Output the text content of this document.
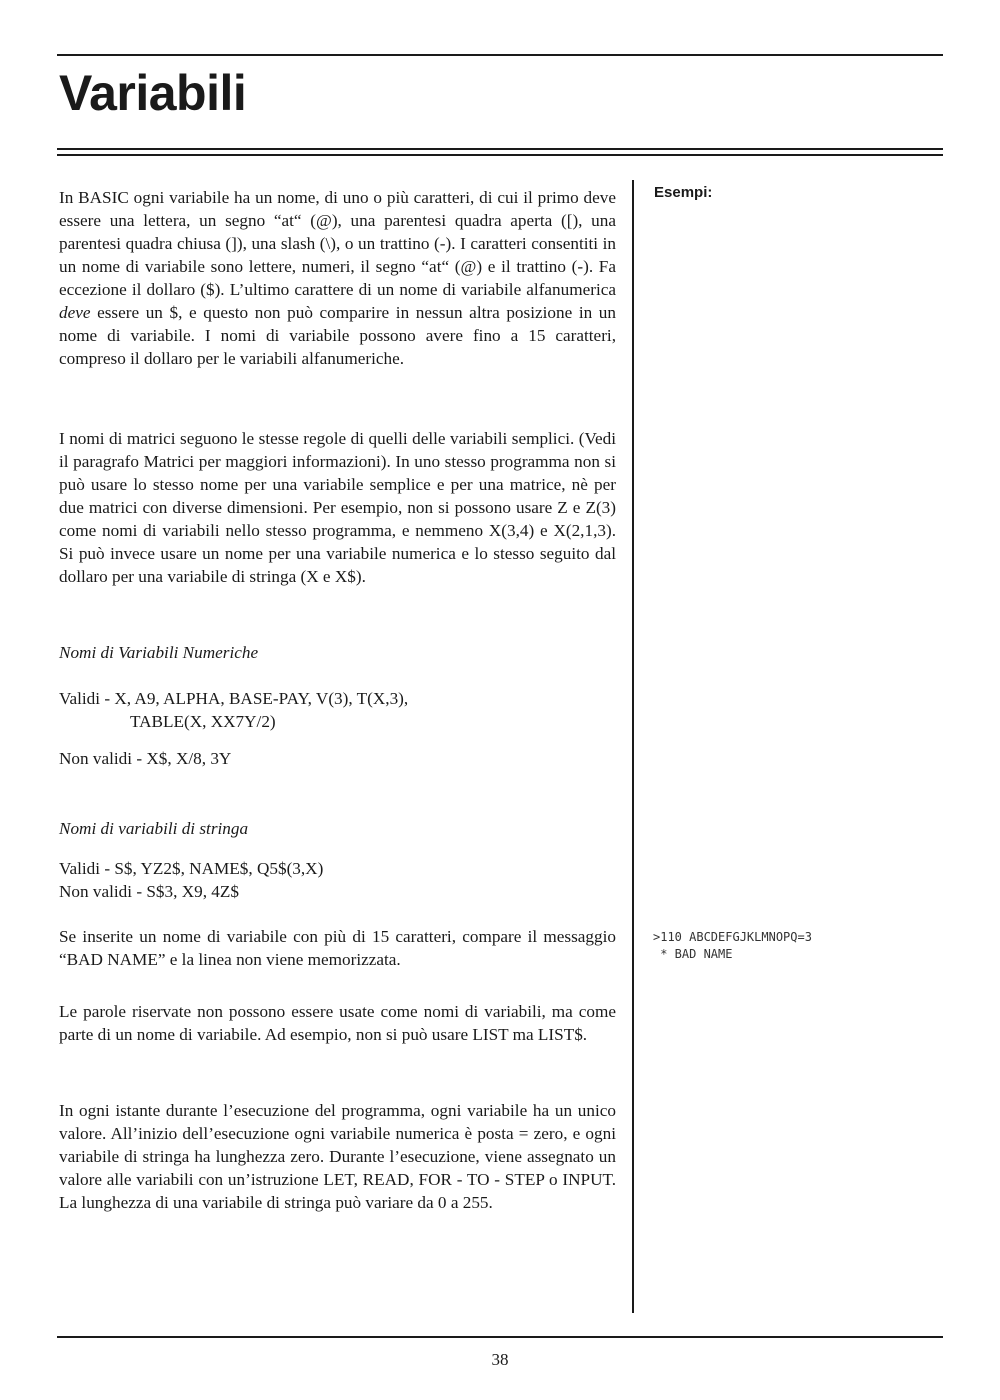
Variabili
Esempi:

In BASIC ogni variabile ha un nome, di uno o più caratteri, di cui il primo deve essere una lettera, un segno “at“ (@), una parentesi quadra aperta ([), una parentesi quadra chiusa (]), una slash (\), o un trattino (-). I caratteri consentiti in un nome di variabile sono lettere, numeri, il segno “at“ (@) e il trattino (-). Fa eccezione il dollaro ($). L’ultimo carattere di un nome di variabile alfanumerica deve essere un $, e questo non può comparire in nessun altra posizione in un nome di variabile. I nomi di variabile possono avere fino a 15 caratteri, compreso il dollaro per le variabili alfanumeriche.

I nomi di matrici seguono le stesse regole di quelli delle variabili semplici. (Vedi il paragrafo Matrici per maggiori informazioni). In uno stesso programma non si può usare lo stesso nome per una variabile semplice e per una matrice, nè per due matrici con diverse dimensioni. Per esempio, non si possono usare Z e Z(3) come nomi di variabili nello stesso programma, e nemmeno X(3,4) e X(2,1,3). Si può invece usare un nome per una variabile numerica e lo stesso seguito dal dollaro per una variabile di stringa (X e X$).

Nomi di Variabili Numeriche

Validi - X, A9, ALPHA, BASE-PAY, V(3), T(X,3),

TABLE(X, XX7Y/2)

Non validi - X$, X/8, 3Y

Nomi di variabili di stringa

Validi - S$, YZ2$, NAME$, Q5$(3,X)

Non validi - S$3, X9, 4Z$

Se inserite un nome di variabile con più di 15 caratteri, compare il messaggio “BAD NAME” e la linea non viene memorizzata.

Le parole riservate non possono essere usate come nomi di variabili, ma come parte di un nome di variabile. Ad esempio, non si può usare LIST ma LIST$.

In ogni istante durante l’esecuzione del programma, ogni variabile ha un unico valore. All’inizio dell’esecuzione ogni variabile numerica è posta = zero, e ogni variabile di stringa ha lunghezza zero. Durante l’esecuzione, viene assegnato un valore alle variabili con un’istruzione LET, READ, FOR - TO - STEP o INPUT. La lunghezza di una variabile di stringa può variare da 0 a 255.

>110 ABCDEFGJKLMNOPQ=3
* BAD NAME
38
